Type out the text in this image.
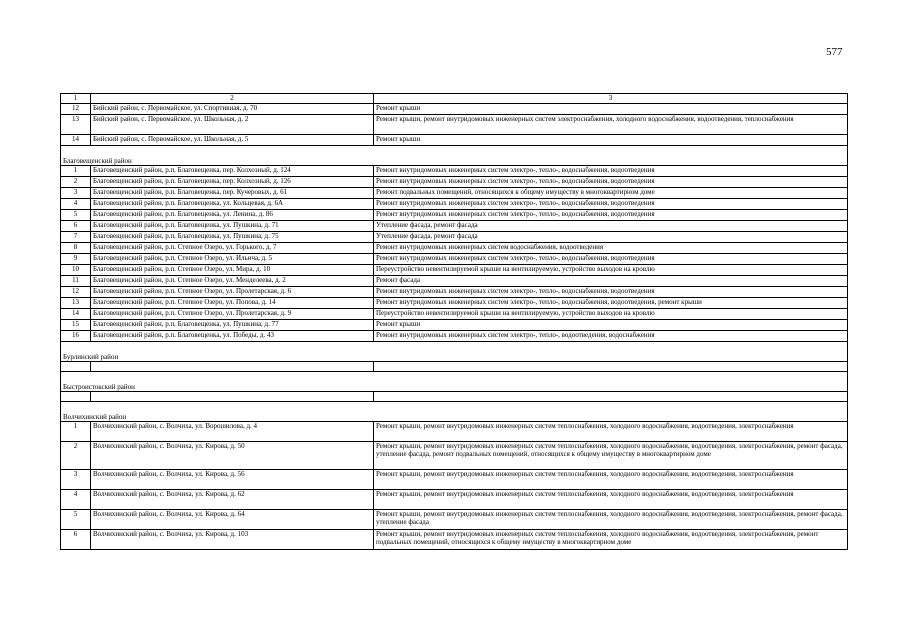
577
1	2	3
12	Бийский район, с. Первомайское, ул. Спортивная, д. 70	Ремонт крыши
13	Бийский район, с. Первомайское, ул. Школьная, д. 2	Ремонт крыши, ремонт внутридомовых инженерных систем электроснабжения, холодного водоснабжения, водоотведения, теплоснабжения
14	Бийский район, с. Первомайское, ул. Школьная, д. 5	Ремонт крыши

Благовещенский район		
1	Благовещенский район, р.п. Благовещенка, пер. Колхозный, д. 124	Ремонт внутридомовых инженерных систем электро-, тепло-, водоснабжения, водоотведения
2	Благовещенский район, р.п. Благовещенка, пер. Колхозный, д. 126	Ремонт внутридомовых инженерных систем электро-, тепло-, водоснабжения, водоотведения
3	Благовещенский район, р.п. Благовещенка, пер. Кучеровых, д. 61	Ремонт подвальных помещений, относящихся к общему имуществу в многоквартирном доме
4	Благовещенский район, р.п. Благовещенка, ул. Кольцевая, д. 6А	Ремонт внутридомовых инженерных систем электро-, тепло-, водоснабжения, водоотведения
5	Благовещенский район, р.п. Благовещенка, ул. Ленина, д. 86	Ремонт внутридомовых инженерных систем электро-, тепло-, водоснабжения, водоотведения
6	Благовещенский район, р.п. Благовещенка, ул. Пушкина, д. 71	Утепление фасада, ремонт фасада
7	Благовещенский район, р.п. Благовещенка, ул. Пушкина, д. 75	Утепление фасада, ремонт фасада
8	Благовещенский район, р.п. Степное Озеро, ул. Горького, д. 7	Ремонт внутридомовых инженерных систем водоснабжения, водоотведения
9	Благовещенский район, р.п. Степное Озеро, ул. Ильича, д. 5	Ремонт внутридомовых инженерных систем электро-, тепло-, водоснабжения, водоотведения
10	Благовещенский район, р.п. Степное Озеро, ул. Мира, д. 10	Переустройство невентилируемой крыши на вентилируемую, устройство выходов на кровлю
11	Благовещенский район, р.п. Степное Озеро, ул. Менделеева, д. 2	Ремонт фасада
12	Благовещенский район, р.п. Степное Озеро, ул. Пролетарская, д. 6	Ремонт внутридомовых инженерных систем электро-, тепло-, водоснабжения, водоотведения
13	Благовещенский район, р.п. Степное Озеро, ул. Попова, д. 14	Ремонт внутридомовых инженерных систем электро-, тепло-, водоснабжения, водоотведения, ремонт крыши
14	Благовещенский район, р.п. Степное Озеро, ул. Пролетарская, д. 9	Переустройство невентилируемой крыши на вентилируемую, устройство выходов на кровлю
15	Благовещенский район, р.п. Благовещенка, ул. Пушкина, д. 77	Ремонт крыши
16	Благовещенский район, р.п. Благовещенка, ул. Победы, д. 43	Ремонт внутридомовых инженерных систем электро-, тепло-, водоотведения, водоснабжения

Бурлинский район		

Быстроистокский район		

Волчихинский район		
1	Волчихинский район, с. Волчиха, ул. Ворошилова, д. 4	Ремонт крыши, ремонт внутридомовых инженерных систем теплоснабжения, холодного водоснабжения, водоотведения, электроснабжения
2	Волчихинский район, с. Волчиха, ул. Кирова, д. 50	Ремонт крыши, ремонт внутридомовых инженерных систем теплоснабжения, холодного водоснабжения, водоотведения, электроснабжения, ремонт фасада, утепление фасада, ремонт подвальных помещений, относящихся к общему имуществу в многоквартирном доме
3	Волчихинский район, с. Волчиха, ул. Кирова, д. 56	Ремонт крыши, ремонт внутридомовых инженерных систем теплоснабжения, холодного водоснабжения, водоотведения, электроснабжения
4	Волчихинский район, с. Волчиха, ул. Кирова, д. 62	Ремонт крыши, ремонт внутридомовых инженерных систем теплоснабжения, холодного водоснабжения, водоотведения, электроснабжения
5	Волчихинский район, с. Волчиха, ул. Кирова, д. 64	Ремонт крыши, ремонт внутридомовых инженерных систем теплоснабжения, холодного водоснабжения, водоотведения, электроснабжения, ремонт фасада, утепление фасада
6	Волчихинский район, с. Волчиха, ул. Кирова, д. 103	Ремонт крыши, ремонт внутридомовых инженерных систем теплоснабжения, холодного водоснабжения, водоотведения, электроснабжения, ремонт подвальных помещений, относящихся к общему имуществу в многоквартирном доме
